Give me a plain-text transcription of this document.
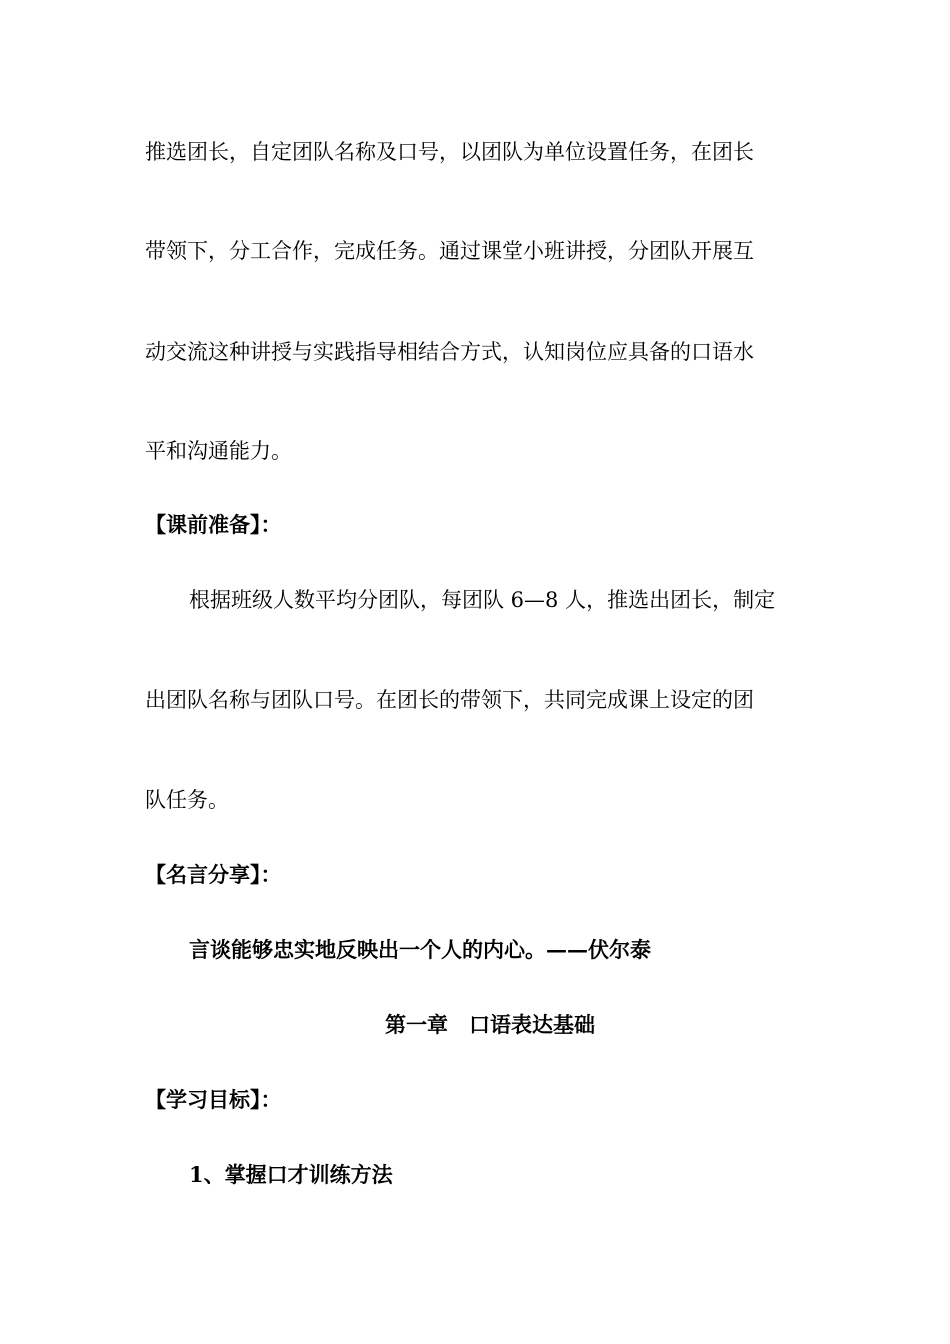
推选团长，自定团队名称及口号，以团队为单位设置任务，在团长
带领下，分工合作，完成任务。通过课堂小班讲授，分团队开展互
动交流这种讲授与实践指导相结合方式，认知岗位应具备的口语水
平和沟通能力。
【课前准备】：
根据班级人数平均分团队，每团队 6—8 人，推选出团长，制定
出团队名称与团队口号。在团长的带领下，共同完成课上设定的团
队任务。
【名言分享】：
言谈能够忠实地反映出一个人的内心。——伏尔泰
第一章　口语表达基础
【学习目标】：
1、掌握口才训练方法
